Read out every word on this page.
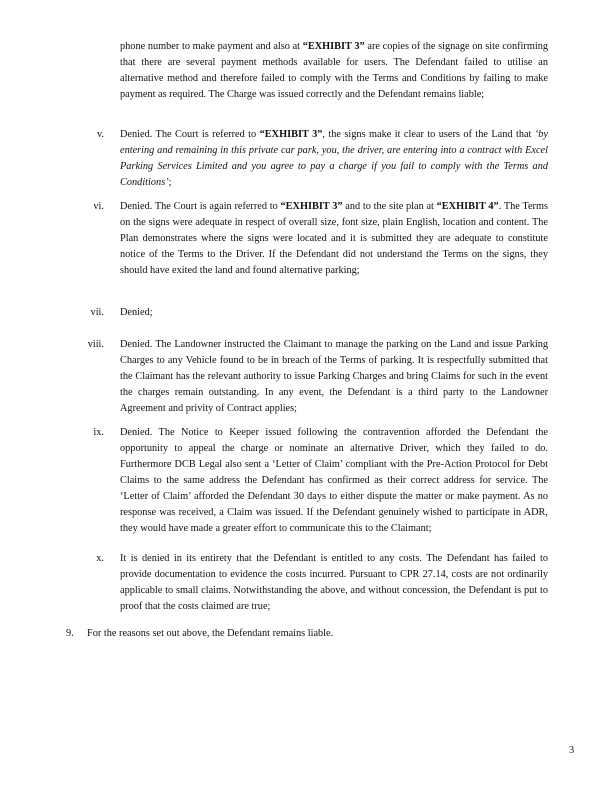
phone number to make payment and also at “EXHIBIT 3” are copies of the signage on site confirming that there are several payment methods available for users. The Defendant failed to utilise an alternative method and therefore failed to comply with the Terms and Conditions by failing to make payment as required. The Charge was issued correctly and the Defendant remains liable;

v. Denied. The Court is referred to “EXHIBIT 3”, the signs make it clear to users of the Land that ‘by entering and remaining in this private car park, you, the driver, are entering into a contract with Excel Parking Services Limited and you agree to pay a charge if you fail to comply with the Terms and Conditions’;

vi. Denied. The Court is again referred to “EXHIBIT 3” and to the site plan at “EXHIBIT 4”. The Terms on the signs were adequate in respect of overall size, font size, plain English, location and content. The Plan demonstrates where the signs were located and it is submitted they are adequate to constitute notice of the Terms to the Driver. If the Defendant did not understand the Terms on the signs, they should have exited the land and found alternative parking;

vii. Denied;

viii. Denied. The Landowner instructed the Claimant to manage the parking on the Land and issue Parking Charges to any Vehicle found to be in breach of the Terms of parking. It is respectfully submitted that the Claimant has the relevant authority to issue Parking Charges and bring Claims for such in the event the charges remain outstanding. In any event, the Defendant is a third party to the Landowner Agreement and privity of Contract applies;

ix. Denied. The Notice to Keeper issued following the contravention afforded the Defendant the opportunity to appeal the charge or nominate an alternative Driver, which they failed to do. Furthermore DCB Legal also sent a ‘Letter of Claim’ compliant with the Pre-Action Protocol for Debt Claims to the same address the Defendant has confirmed as their correct address for service. The ‘Letter of Claim’ afforded the Defendant 30 days to either dispute the matter or make payment. As no response was received, a Claim was issued. If the Defendant genuinely wished to participate in ADR, they would have made a greater effort to communicate this to the Claimant;

x. It is denied in its entirety that the Defendant is entitled to any costs. The Defendant has failed to provide documentation to evidence the costs incurred. Pursuant to CPR 27.14, costs are not ordinarily applicable to small claims. Notwithstanding the above, and without concession, the Defendant is put to proof that the costs claimed are true;

9. For the reasons set out above, the Defendant remains liable.
3
